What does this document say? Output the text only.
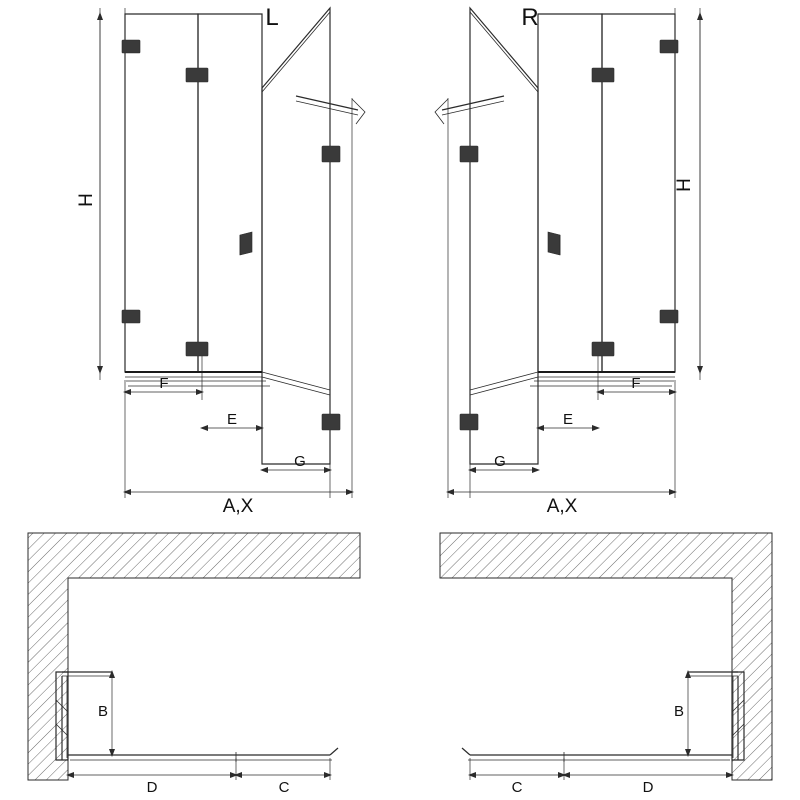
H
F
E
G
A,X
L
H
F
E
G
A,X
R
B
D	C
B
C	D
